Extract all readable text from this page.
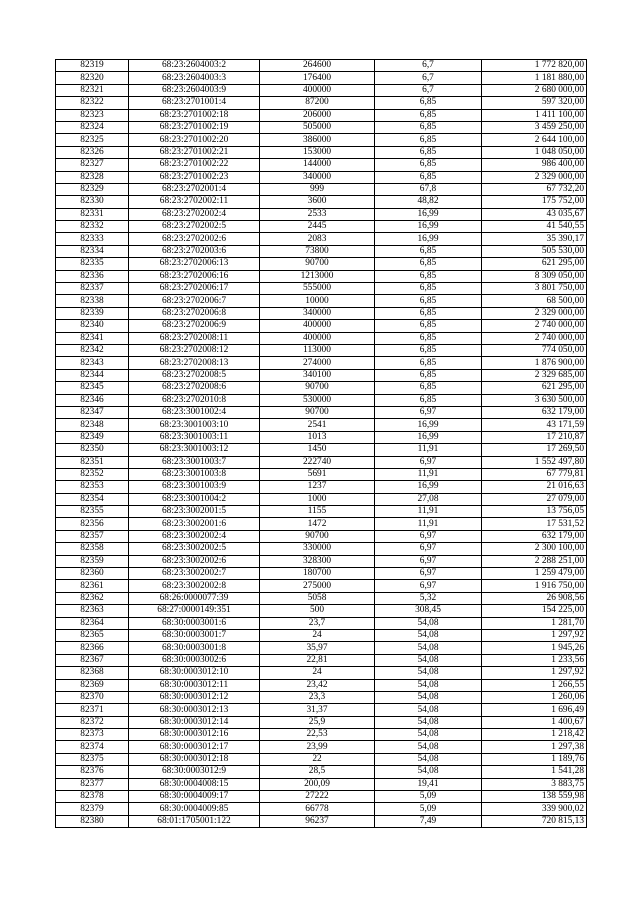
82319	68:23:2604003:2	264600	6,7	1 772 820,00
82320	68:23:2604003:3	176400	6,7	1 181 880,00
82321	68:23:2604003:9	400000	6,7	2 680 000,00
82322	68:23:2701001:4	87200	6,85	597 320,00
82323	68:23:2701002:18	206000	6,85	1 411 100,00
82324	68:23:2701002:19	505000	6,85	3 459 250,00
82325	68:23:2701002:20	386000	6,85	2 644 100,00
82326	68:23:2701002:21	153000	6,85	1 048 050,00
82327	68:23:2701002:22	144000	6,85	986 400,00
82328	68:23:2701002:23	340000	6,85	2 329 000,00
82329	68:23:2702001:4	999	67,8	67 732,20
82330	68:23:2702002:11	3600	48,82	175 752,00
82331	68:23:2702002:4	2533	16,99	43 035,67
82332	68:23:2702002:5	2445	16,99	41 540,55
82333	68:23:2702002:6	2083	16,99	35 390,17
82334	68:23:2702003:6	73800	6,85	505 530,00
82335	68:23:2702006:13	90700	6,85	621 295,00
82336	68:23:2702006:16	1213000	6,85	8 309 050,00
82337	68:23:2702006:17	555000	6,85	3 801 750,00
82338	68:23:2702006:7	10000	6,85	68 500,00
82339	68:23:2702006:8	340000	6,85	2 329 000,00
82340	68:23:2702006:9	400000	6,85	2 740 000,00
82341	68:23:2702008:11	400000	6,85	2 740 000,00
82342	68:23:2702008:12	113000	6,85	774 050,00
82343	68:23:2702008:13	274000	6,85	1 876 900,00
82344	68:23:2702008:5	340100	6,85	2 329 685,00
82345	68:23:2702008:6	90700	6,85	621 295,00
82346	68:23:2702010:8	530000	6,85	3 630 500,00
82347	68:23:3001002:4	90700	6,97	632 179,00
82348	68:23:3001003:10	2541	16,99	43 171,59
82349	68:23:3001003:11	1013	16,99	17 210,87
82350	68:23:3001003:12	1450	11,91	17 269,50
82351	68:23:3001003:7	222740	6,97	1 552 497,80
82352	68:23:3001003:8	5691	11,91	67 779,81
82353	68:23:3001003:9	1237	16,99	21 016,63
82354	68:23:3001004:2	1000	27,08	27 079,00
82355	68:23:3002001:5	1155	11,91	13 756,05
82356	68:23:3002001:6	1472	11,91	17 531,52
82357	68:23:3002002:4	90700	6,97	632 179,00
82358	68:23:3002002:5	330000	6,97	2 300 100,00
82359	68:23:3002002:6	328300	6,97	2 288 251,00
82360	68:23:3002002:7	180700	6,97	1 259 479,00
82361	68:23:3002002:8	275000	6,97	1 916 750,00
82362	68:26:0000077:39	5058	5,32	26 908,56
82363	68:27:0000149:351	500	308,45	154 225,00
82364	68:30:0003001:6	23,7	54,08	1 281,70
82365	68:30:0003001:7	24	54,08	1 297,92
82366	68:30:0003001:8	35,97	54,08	1 945,26
82367	68:30:0003002:6	22,81	54,08	1 233,56
82368	68:30:0003012:10	24	54,08	1 297,92
82369	68:30:0003012:11	23,42	54,08	1 266,55
82370	68:30:0003012:12	23,3	54,08	1 260,06
82371	68:30:0003012:13	31,37	54,08	1 696,49
82372	68:30:0003012:14	25,9	54,08	1 400,67
82373	68:30:0003012:16	22,53	54,08	1 218,42
82374	68:30:0003012:17	23,99	54,08	1 297,38
82375	68:30:0003012:18	22	54,08	1 189,76
82376	68:30:0003012:9	28,5	54,08	1 541,28
82377	68:30:0004008:15	200,09	19,41	3 883,75
82378	68:30:0004009:17	27222	5,09	138 559,98
82379	68:30:0004009:85	66778	5,09	339 900,02
82380	68:01:1705001:122	96237	7,49	720 815,13
